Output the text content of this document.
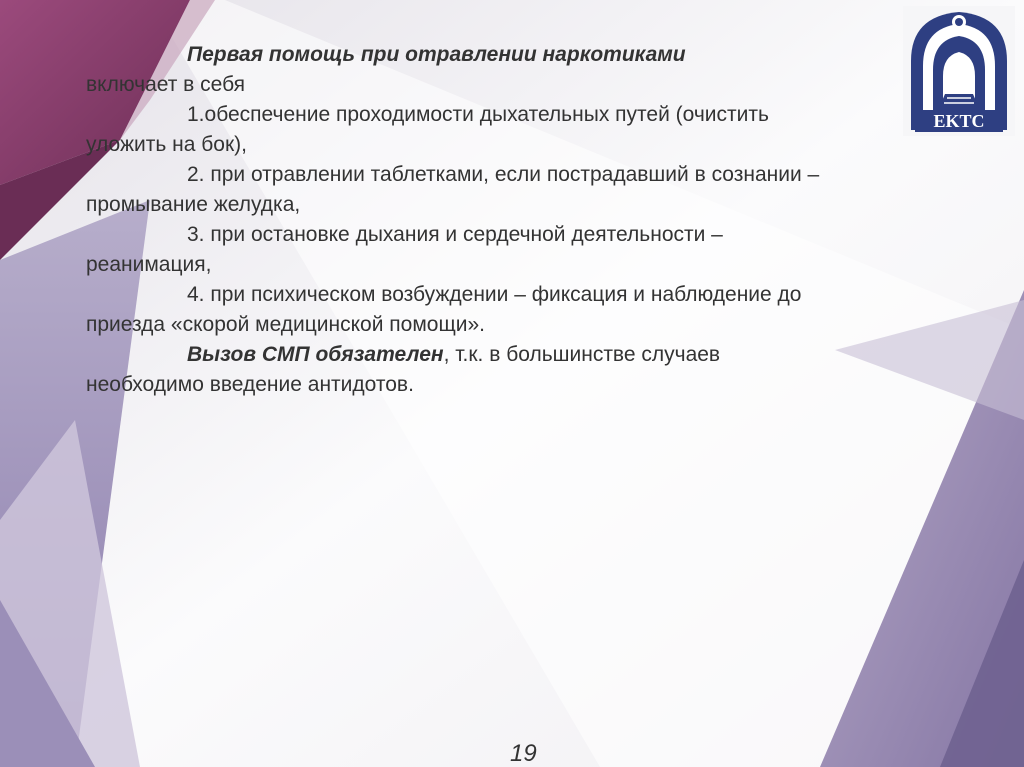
EKTC
Первая помощь при отравлении наркотиками
включает в себя
1.обеспечение проходимости дыхательных путей (очистить
уложить на бок),
2. при отравлении таблетками, если пострадавший в сознании –
промывание желудка,
3. при остановке дыхания и сердечной деятельности –
реанимация,
4. при психическом возбуждении – фиксация и наблюдение до
приезда «скорой медицинской помощи».
Вызов СМП обязателен, т.к. в большинстве случаев
необходимо введение антидотов.
19
